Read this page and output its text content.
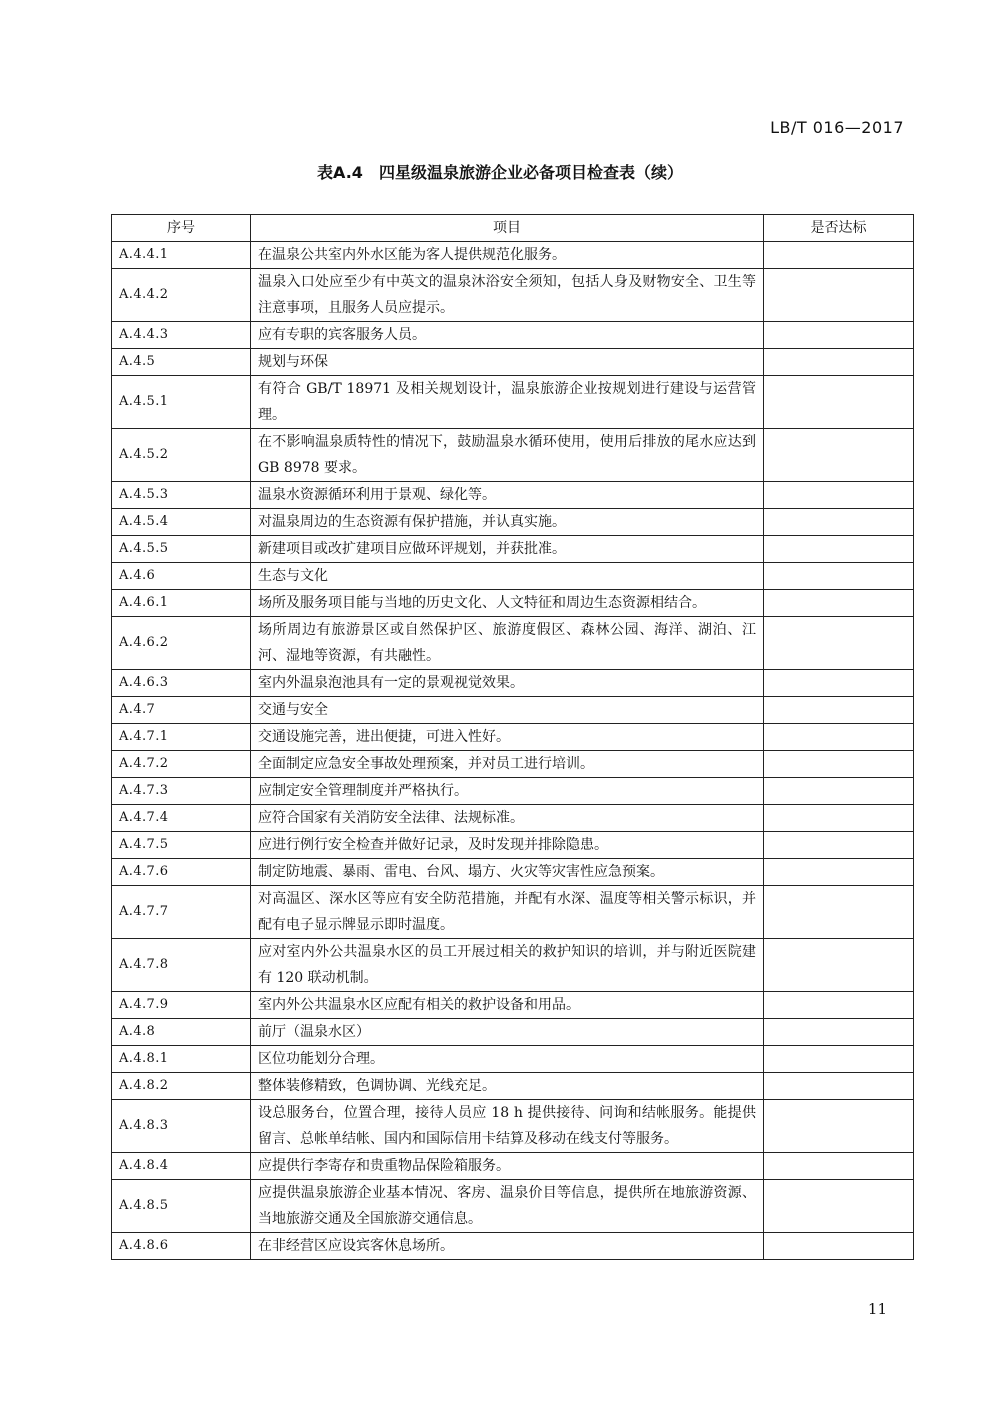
LB/T 016—2017
表A.4　四星级温泉旅游企业必备项目检查表（续）
序号	项目	是否达标
A.4.4.1	在温泉公共室内外水区能为客人提供规范化服务。	
A.4.4.2	温泉入口处应至少有中英文的温泉沐浴安全须知，包括人身及财物安全、卫生等注意事项，且服务人员应提示。	
A.4.4.3	应有专职的宾客服务人员。	
A.4.5	规划与环保	
A.4.5.1	有符合 GB/T 18971 及相关规划设计，温泉旅游企业按规划进行建设与运营管理。	
A.4.5.2	在不影响温泉质特性的情况下，鼓励温泉水循环使用，使用后排放的尾水应达到 GB 8978 要求。	
A.4.5.3	温泉水资源循环利用于景观、绿化等。	
A.4.5.4	对温泉周边的生态资源有保护措施，并认真实施。	
A.4.5.5	新建项目或改扩建项目应做环评规划，并获批准。	
A.4.6	生态与文化	
A.4.6.1	场所及服务项目能与当地的历史文化、人文特征和周边生态资源相结合。	
A.4.6.2	场所周边有旅游景区或自然保护区、旅游度假区、森林公园、海洋、湖泊、江河、湿地等资源，有共融性。	
A.4.6.3	室内外温泉泡池具有一定的景观视觉效果。	
A.4.7	交通与安全	
A.4.7.1	交通设施完善，进出便捷，可进入性好。	
A.4.7.2	全面制定应急安全事故处理预案，并对员工进行培训。	
A.4.7.3	应制定安全管理制度并严格执行。	
A.4.7.4	应符合国家有关消防安全法律、法规标准。	
A.4.7.5	应进行例行安全检查并做好记录，及时发现并排除隐患。	
A.4.7.6	制定防地震、暴雨、雷电、台风、塌方、火灾等灾害性应急预案。	
A.4.7.7	对高温区、深水区等应有安全防范措施，并配有水深、温度等相关警示标识，并配有电子显示牌显示即时温度。	
A.4.7.8	应对室内外公共温泉水区的员工开展过相关的救护知识的培训，并与附近医院建有 120 联动机制。	
A.4.7.9	室内外公共温泉水区应配有相关的救护设备和用品。	
A.4.8	前厅（温泉水区）	
A.4.8.1	区位功能划分合理。	
A.4.8.2	整体装修精致，色调协调、光线充足。	
A.4.8.3	设总服务台，位置合理，接待人员应 18 h 提供接待、问询和结帐服务。能提供留言、总帐单结帐、国内和国际信用卡结算及移动在线支付等服务。	
A.4.8.4	应提供行李寄存和贵重物品保险箱服务。	
A.4.8.5	应提供温泉旅游企业基本情况、客房、温泉价目等信息，提供所在地旅游资源、当地旅游交通及全国旅游交通信息。	
A.4.8.6	在非经营区应设宾客休息场所。	
11
